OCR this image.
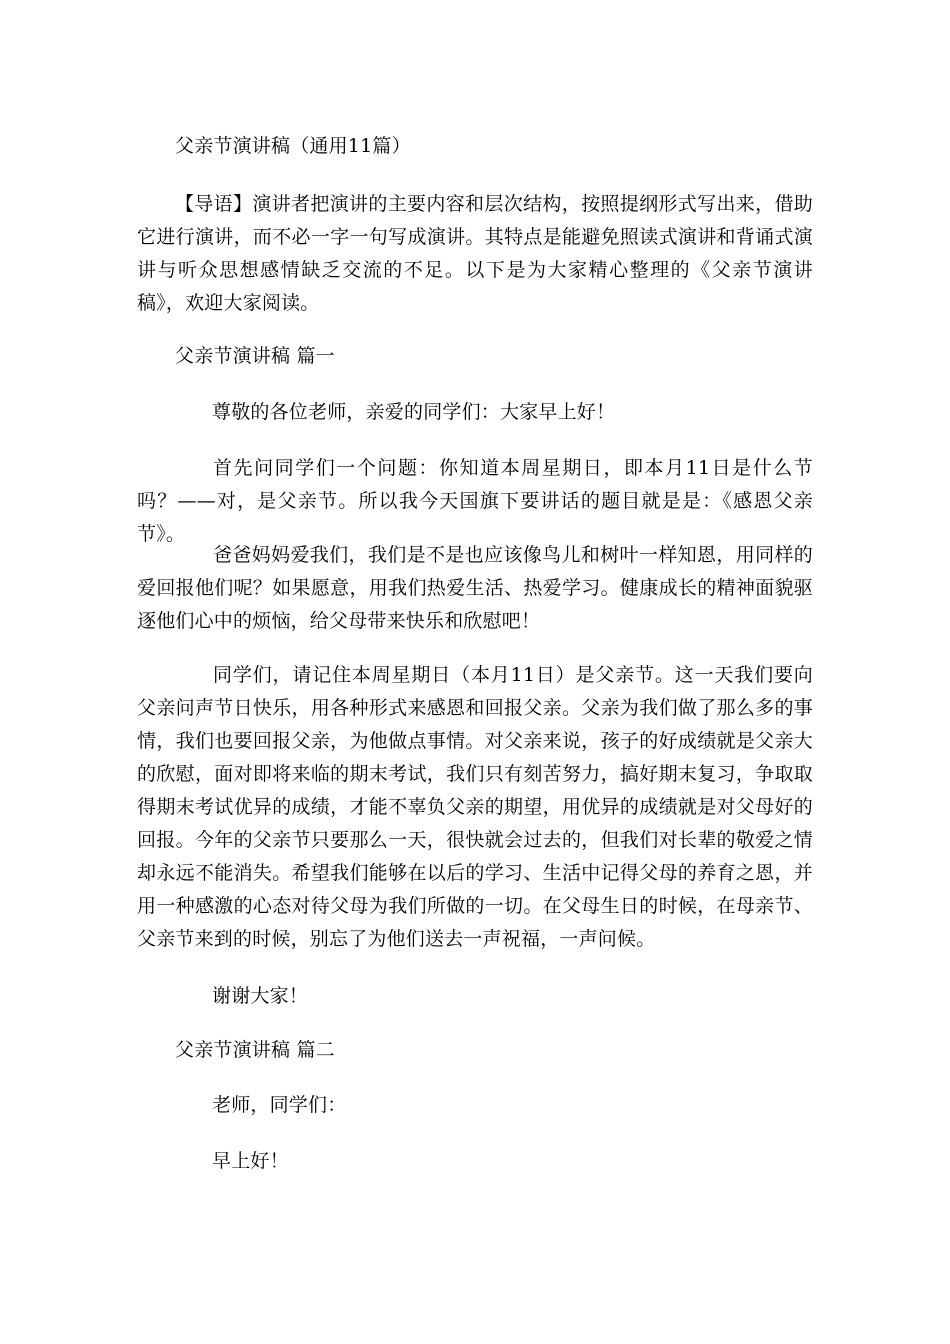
父亲节演讲稿（通用11篇）
【导语】演讲者把演讲的主要内容和层次结构，按照提纲形式写出来，借助它进行演讲，而不必一字一句写成演讲。其特点是能避免照读式演讲和背诵式演讲与听众思想感情缺乏交流的不足。以下是为大家精心整理的《父亲节演讲稿》，欢迎大家阅读。
父亲节演讲稿 篇一
尊敬的各位老师，亲爱的同学们：大家早上好！
首先问同学们一个问题：你知道本周星期日，即本月11日是什么节吗？——对，是父亲节。所以我今天国旗下要讲话的题目就是是：《感恩父亲节》。
爸爸妈妈爱我们，我们是不是也应该像鸟儿和树叶一样知恩，用同样的爱回报他们呢？如果愿意，用我们热爱生活、热爱学习。健康成长的精神面貌驱逐他们心中的烦恼，给父母带来快乐和欣慰吧！
同学们，请记住本周星期日（本月11日）是父亲节。这一天我们要向父亲问声节日快乐，用各种形式来感恩和回报父亲。父亲为我们做了那么多的事情，我们也要回报父亲，为他做点事情。对父亲来说，孩子的好成绩就是父亲大的欣慰，面对即将来临的期末考试，我们只有刻苦努力，搞好期末复习，争取取得期末考试优异的成绩，才能不辜负父亲的期望，用优异的成绩就是对父母好的回报。今年的父亲节只要那么一天，很快就会过去的，但我们对长辈的敬爱之情却永远不能消失。希望我们能够在以后的学习、生活中记得父母的养育之恩，并用一种感激的心态对待父母为我们所做的一切。在父母生日的时候，在母亲节、父亲节来到的时候，别忘了为他们送去一声祝福，一声问候。
谢谢大家！
父亲节演讲稿 篇二
老师，同学们：
早上好！
